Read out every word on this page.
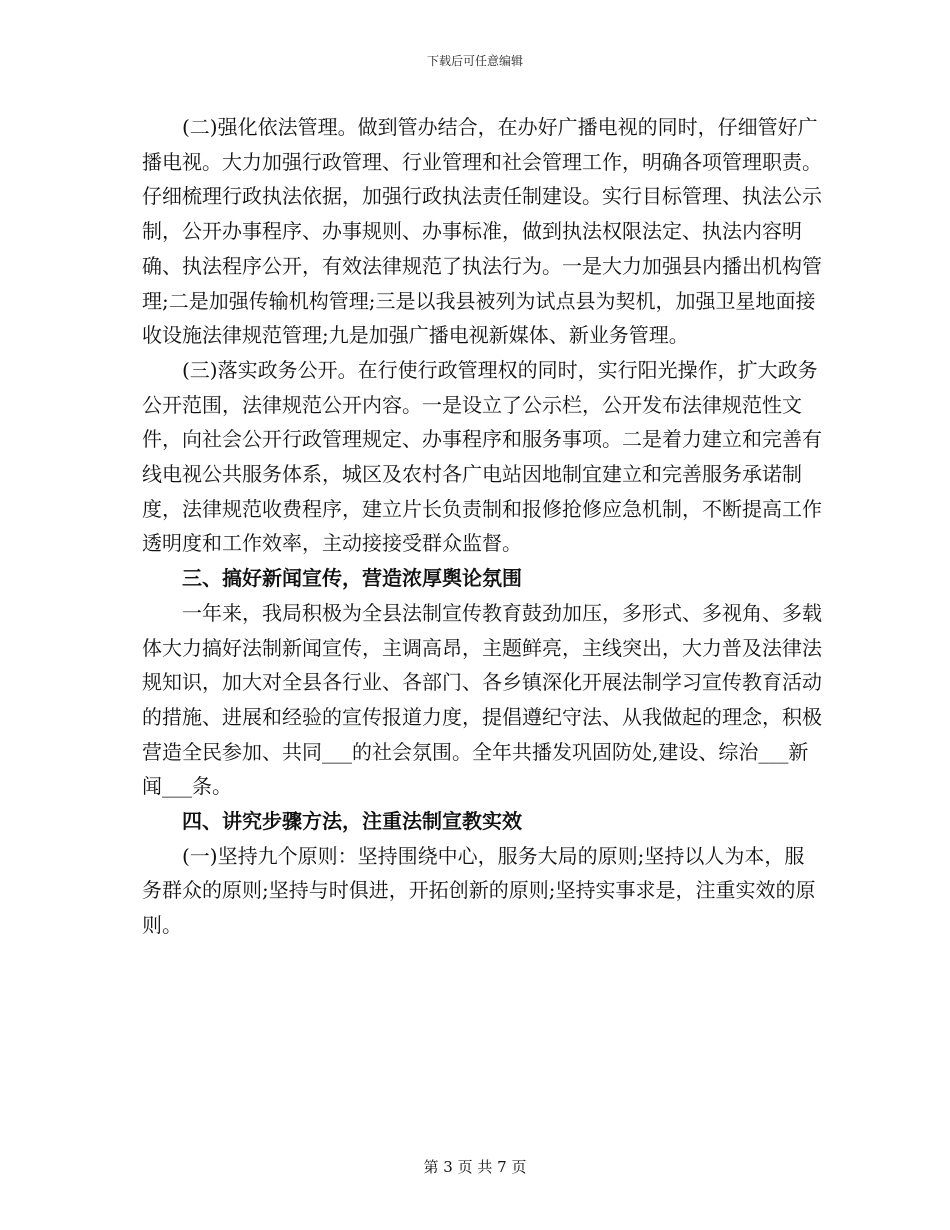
下载后可任意编辑

(二)强化依法管理。做到管办结合，在办好广播电视的同时，仔细管好广播电视。大力加强行政管理、行业管理和社会管理工作，明确各项管理职责。仔细梳理行政执法依据，加强行政执法责任制建设。实行目标管理、执法公示制，公开办事程序、办事规则、办事标准，做到执法权限法定、执法内容明确、执法程序公开，有效法律规范了执法行为。一是大力加强县内播出机构管理;二是加强传输机构管理;三是以我县被列为试点县为契机，加强卫星地面接收设施法律规范管理;九是加强广播电视新媒体、新业务管理。

(三)落实政务公开。在行使行政管理权的同时，实行阳光操作，扩大政务公开范围，法律规范公开内容。一是设立了公示栏，公开发布法律规范性文件，向社会公开行政管理规定、办事程序和服务事项。二是着力建立和完善有线电视公共服务体系，城区及农村各广电站因地制宜建立和完善服务承诺制度，法律规范收费程序，建立片长负责制和报修抢修应急机制，不断提高工作透明度和工作效率，主动接接受群众监督。

三、搞好新闻宣传，营造浓厚舆论氛围

一年来，我局积极为全县法制宣传教育鼓劲加压，多形式、多视角、多载体大力搞好法制新闻宣传，主调高昂，主题鲜亮，主线突出，大力普及法律法规知识，加大对全县各行业、各部门、各乡镇深化开展法制学习宣传教育活动的措施、进展和经验的宣传报道力度，提倡遵纪守法、从我做起的理念，积极营造全民参加、共同___的社会氛围。全年共播发巩固防处,建设、综治___新闻___条。

四、讲究步骤方法，注重法制宣教实效

(一)坚持九个原则：坚持围绕中心，服务大局的原则;坚持以人为本，服务群众的原则;坚持与时俱进，开拓创新的原则;坚持实事求是，注重实效的原则。

第 3 页 共 7 页
